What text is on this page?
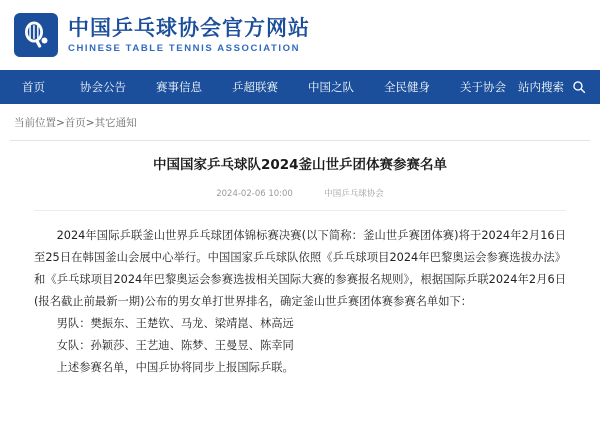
中国乒乓球协会官方网站
CHINESE TABLE TENNIS ASSOCIATION
首页	协会公告	赛事信息	乒超联赛	中国之队	全民健身	关于协会	站内搜索
当前位置>首页>其它通知
中国国家乒乓球队2024釜山世乒团体赛参赛名单
2024-02-06 10:00	中国乒乓球协会

2024年国际乒联釜山世界乒乓球团体锦标赛决赛(以下简称：釜山世乒赛团体赛)将于2024年2月16日至25日在韩国釜山会展中心举行。中国国家乒乓球队依照《乒乓球项目2024年巴黎奥运会参赛选拔办法》和《乒乓球项目2024年巴黎奥运会参赛选拔相关国际大赛的参赛报名规则》，根据国际乒联2024年2月6日(报名截止前最新一期)公布的男女单打世界排名，确定釜山世乒赛团体赛参赛名单如下：

男队：樊振东、王楚钦、马龙、梁靖崑、林高远

女队：孙颖莎、王艺迪、陈梦、王曼昱、陈幸同

上述参赛名单，中国乒协将同步上报国际乒联。
